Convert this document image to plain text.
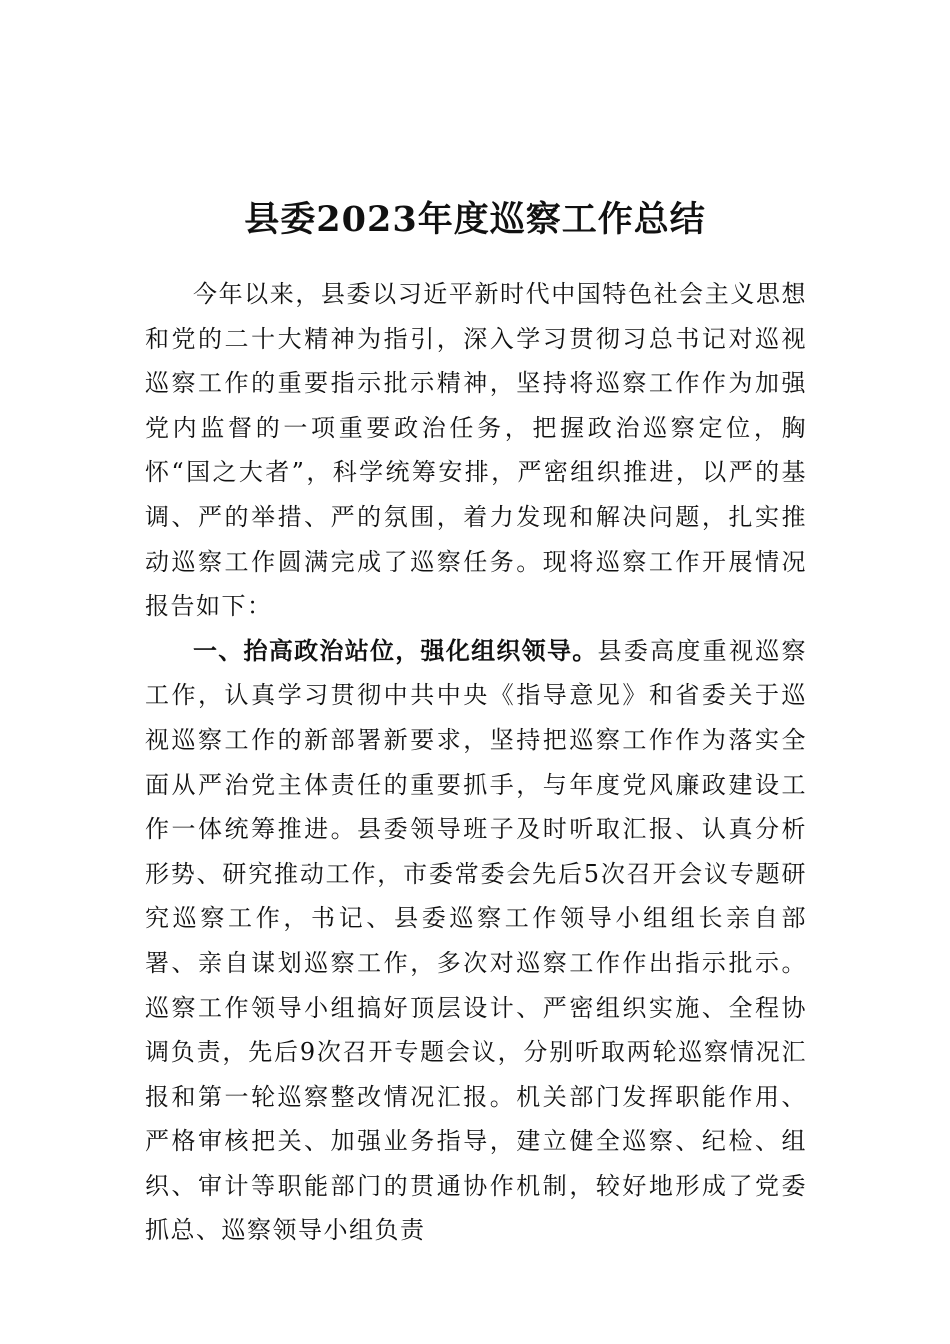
县委2023年度巡察工作总结

今年以来，县委以习近平新时代中国特色社会主义思想和党的二十大精神为指引，深入学习贯彻习总书记对巡视巡察工作的重要指示批示精神，坚持将巡察工作作为加强党内监督的一项重要政治任务，把握政治巡察定位，胸怀“国之大者”，科学统筹安排，严密组织推进，以严的基调、严的举措、严的氛围，着力发现和解决问题，扎实推动巡察工作圆满完成了巡察任务。现将巡察工作开展情况报告如下：

一、抬高政治站位，强化组织领导。县委高度重视巡察工作，认真学习贯彻中共中央《指导意见》和省委关于巡视巡察工作的新部署新要求，坚持把巡察工作作为落实全面从严治党主体责任的重要抓手，与年度党风廉政建设工作一体统筹推进。县委领导班子及时听取汇报、认真分析形势、研究推动工作，市委常委会先后5次召开会议专题研究巡察工作，书记、县委巡察工作领导小组组长亲自部署、亲自谋划巡察工作，多次对巡察工作作出指示批示。巡察工作领导小组搞好顶层设计、严密组织实施、全程协调负责，先后9次召开专题会议，分别听取两轮巡察情况汇报和第一轮巡察整改情况汇报。机关部门发挥职能作用、严格审核把关、加强业务指导，建立健全巡察、纪检、组织、审计等职能部门的贯通协作机制，较好地形成了党委抓总、巡察领导小组负责
